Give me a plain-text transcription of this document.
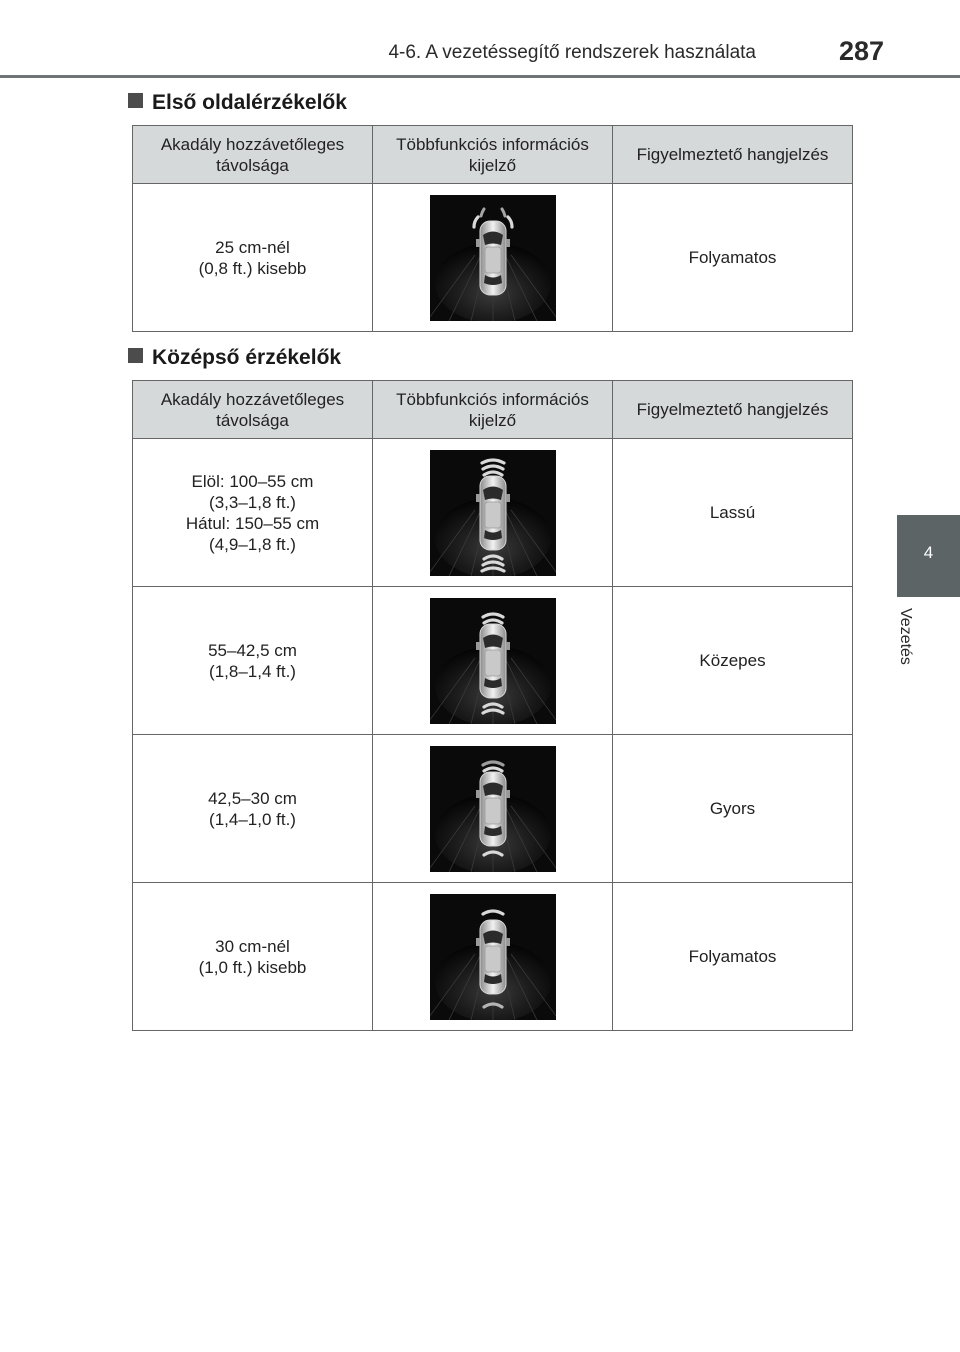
4-6. A vezetéssegítő rendszerek használata	287
4
Vezetés
Első oldalérzékelők
Akadály hozzávetőleges távolsága	Többfunkciós információs kijelző	Figyelmeztető hangjelzés

25 cm-nél
(0,8 ft.) kisebb		Folyamatos
Középső érzékelők
Akadály hozzávetőleges távolsága	Többfunkciós információs kijelző	Figyelmeztető hangjelzés

Elöl: 100–55 cm
(3,3–1,8 ft.)
Hátul: 150–55 cm
(4,9–1,8 ft.)		Lassú

55–42,5 cm
(1,8–1,4 ft.)		Közepes

42,5–30 cm
(1,4–1,0 ft.)		Gyors

30 cm-nél
(1,0 ft.) kisebb		Folyamatos
